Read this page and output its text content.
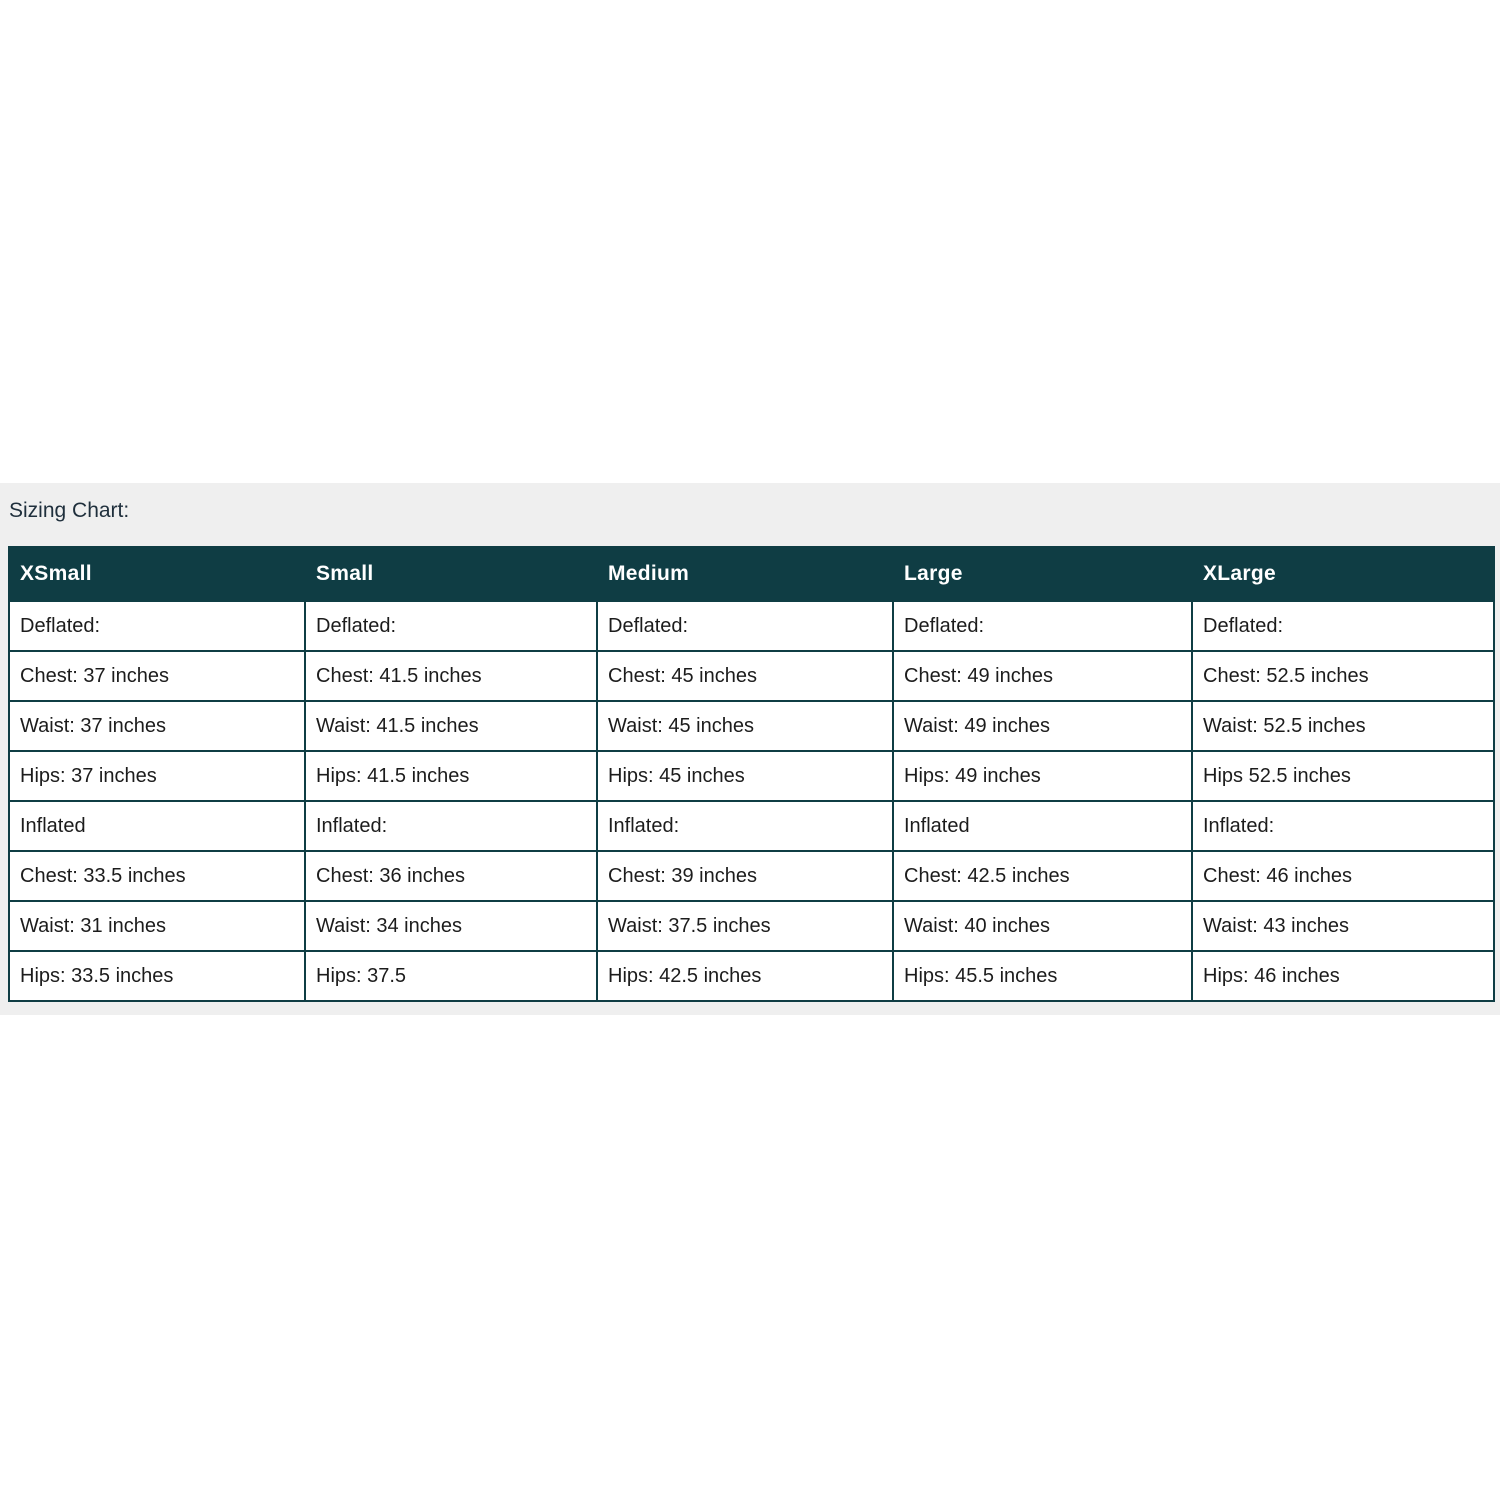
Sizing Chart:
XSmall	Small	Medium	Large	XLarge
Deflated:	Deflated:	Deflated:	Deflated:	Deflated:
Chest: 37 inches	Chest: 41.5 inches	Chest: 45 inches	Chest: 49 inches	Chest: 52.5 inches
Waist: 37 inches	Waist: 41.5 inches	Waist: 45 inches	Waist: 49 inches	Waist: 52.5 inches
Hips: 37 inches	Hips: 41.5 inches	Hips: 45 inches	Hips: 49 inches	Hips 52.5 inches
Inflated	Inflated:	Inflated:	Inflated	Inflated:
Chest: 33.5 inches	Chest: 36 inches	Chest: 39 inches	Chest: 42.5 inches	Chest: 46 inches
Waist: 31 inches	Waist: 34 inches	Waist: 37.5 inches	Waist: 40 inches	Waist: 43 inches
Hips: 33.5 inches	Hips: 37.5	Hips: 42.5 inches	Hips: 45.5 inches	Hips: 46 inches
